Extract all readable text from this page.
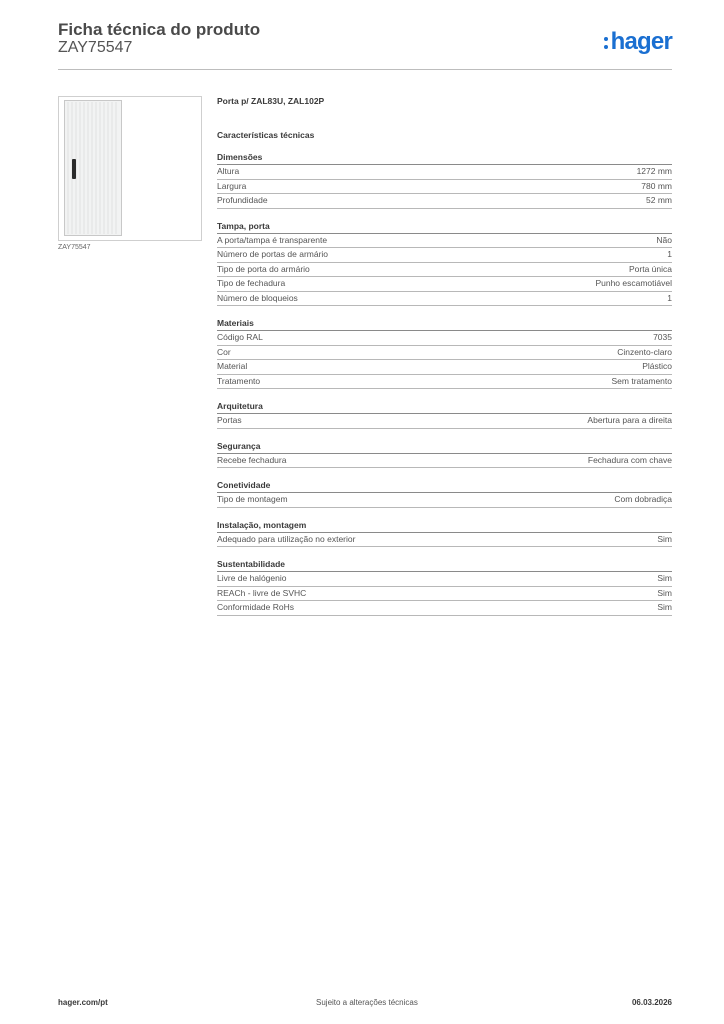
Ficha técnica do produto
ZAY75547	hager
ZAY75547
Porta p/ ZAL83U, ZAL102P
Características técnicas
Dimensões
Altura	1272 mm
Largura	780 mm
Profundidade	52 mm
Tampa, porta
A porta/tampa é transparente	Não
Número de portas de armário	1
Tipo de porta do armário	Porta única
Tipo de fechadura	Punho escamotiável
Número de bloqueios	1
Materiais
Código RAL	7035
Cor	Cinzento-claro
Material	Plástico
Tratamento	Sem tratamento
Arquitetura
Portas	Abertura para a direita
Segurança
Recebe fechadura	Fechadura com chave
Conetividade
Tipo de montagem	Com dobradiça
Instalação, montagem
Adequado para utilização no exterior	Sim
Sustentabilidade
Livre de halógenio	Sim
REACh - livre de SVHC	Sim
Conformidade RoHs	Sim
hager.com/pt	Sujeito a alterações técnicas	06.03.2026
